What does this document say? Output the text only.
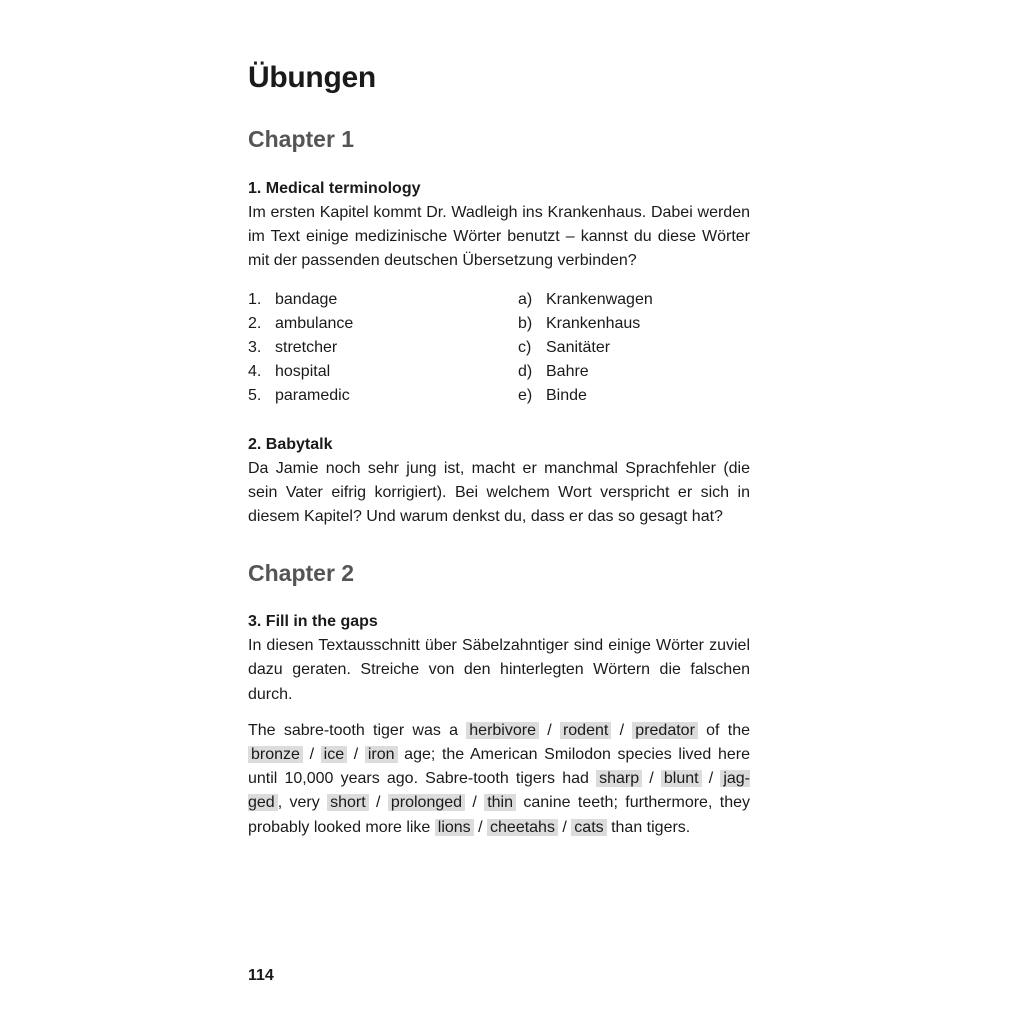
Übungen
Chapter 1
1. Medical terminology

Im ersten Kapitel kommt Dr. Wadleigh ins Krankenhaus. Dabei werden im Text einige medizinische Wörter benutzt – kannst du diese Wörter mit der passenden deutschen Übersetzung verbinden?

1. bandage
2. ambulance
3. stretcher
4. hospital
5. paramedic
a) Krankenwagen
b) Krankenhaus
c) Sanitäter
d) Bahre
e) Binde
2. Babytalk

Da Jamie noch sehr jung ist, macht er manchmal Sprachfehler (die sein Vater eifrig korrigiert). Bei welchem Wort verspricht er sich in diesem Kapitel? Und warum denkst du, dass er das so gesagt hat?

Chapter 2
3. Fill in the gaps

In diesen Textausschnitt über Säbelzahntiger sind einige Wörter zuviel dazu geraten. Streiche von den hinterlegten Wörtern die falschen durch.

The sabre-tooth tiger was a herbivore / rodent / predator of the bronze / ice / iron age; the American Smilodon species lived here until 10,000 years ago. Sabre-tooth tigers had sharp / blunt / jag-ged , very short / prolonged / thin canine teeth; furthermore, they probably looked more like lions / cheetahs / cats than tigers.

114
